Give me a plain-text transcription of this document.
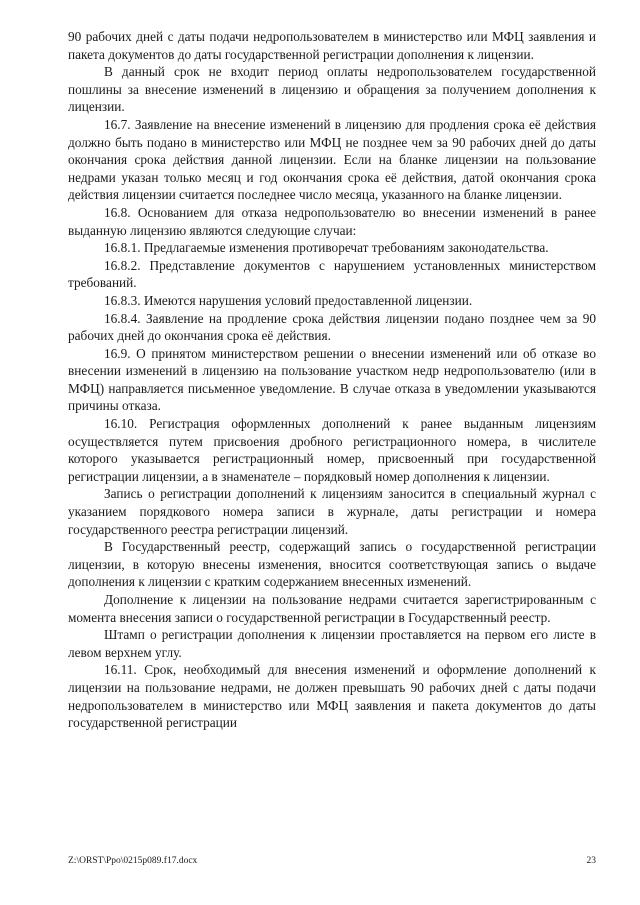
90 рабочих дней с даты подачи недропользователем в министерство или МФЦ заявления и пакета документов до даты государственной регистрации дополнения к лицензии.

В данный срок не входит период оплаты недропользователем государственной пошлины за внесение изменений в лицензию и обращения за получением дополнения к лицензии.

16.7. Заявление на внесение изменений в лицензию для продления срока её действия должно быть подано в министерство или МФЦ не позднее чем за 90 рабочих дней до даты окончания срока действия данной лицензии. Если на бланке лицензии на пользование недрами указан только месяц и год окончания срока её действия, датой окончания срока действия лицензии считается последнее число месяца, указанного на бланке лицензии.

16.8. Основанием для отказа недропользователю во внесении изменений в ранее выданную лицензию являются следующие случаи:

16.8.1. Предлагаемые изменения противоречат требованиям законодательства.

16.8.2. Представление документов с нарушением установленных министерством требований.

16.8.3. Имеются нарушения условий предоставленной лицензии.

16.8.4. Заявление на продление срока действия лицензии подано позднее чем за 90 рабочих дней до окончания срока её действия.

16.9. О принятом министерством решении о внесении изменений или об отказе во внесении изменений в лицензию на пользование участком недр недропользователю (или в МФЦ) направляется письменное уведомление. В случае отказа в уведомлении указываются причины отказа.

16.10. Регистрация оформленных дополнений к ранее выданным лицензиям осуществляется путем присвоения дробного регистрационного номера, в числителе которого указывается регистрационный номер, присвоенный при государственной регистрации лицензии, а в знаменателе – порядковый номер дополнения к лицензии.

Запись о регистрации дополнений к лицензиям заносится в специальный журнал с указанием порядкового номера записи в журнале, даты регистрации и номера государственного реестра регистрации лицензий.

В Государственный реестр, содержащий запись о государственной регистрации лицензии, в которую внесены изменения, вносится соответствующая запись о выдаче дополнения к лицензии с кратким содержанием внесенных изменений.

Дополнение к лицензии на пользование недрами считается зарегистрированным с момента внесения записи о государственной регистрации в Государственный реестр.

Штамп о регистрации дополнения к лицензии проставляется на первом его листе в левом верхнем углу.

16.11. Срок, необходимый для внесения изменений и оформление дополнений к лицензии на пользование недрами, не должен превышать 90 рабочих дней с даты подачи недропользователем в министерство или МФЦ заявления и пакета документов до даты государственной регистрации

Z:\ORST\Ppo\0215p089.f17.docx	23
